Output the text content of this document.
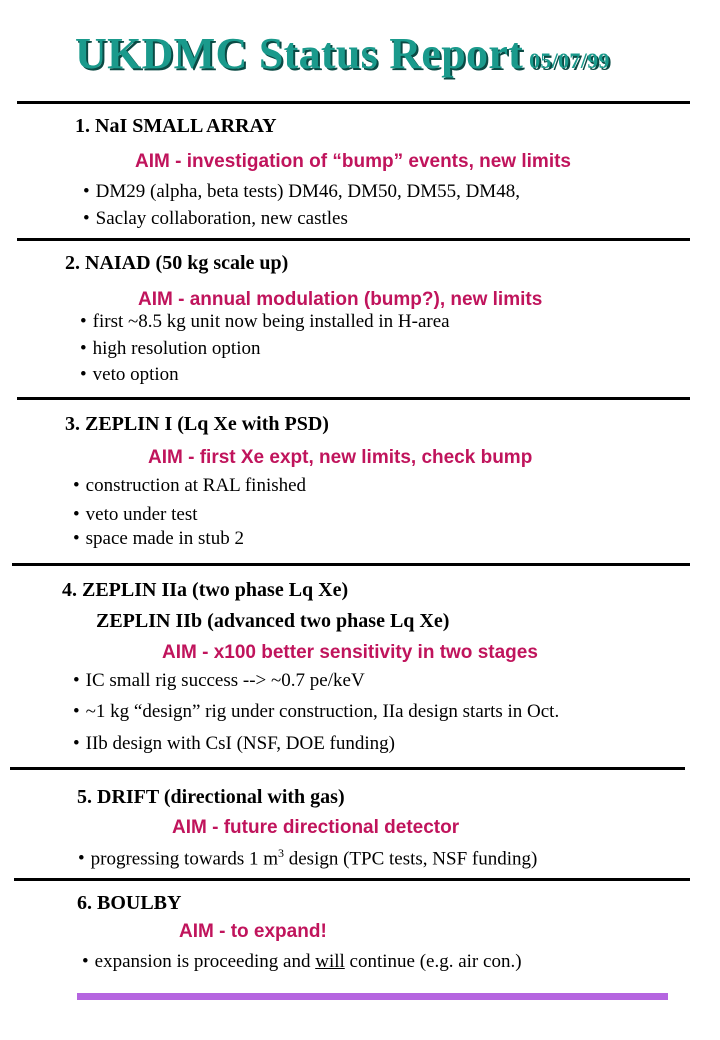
UKDMC Status Report 05/07/99
1. NaI SMALL ARRAY
AIM - investigation of “bump” events, new limits
• DM29 (alpha, beta tests) DM46, DM50, DM55, DM48,
• Saclay collaboration, new castles
2. NAIAD (50 kg scale up)
AIM - annual modulation (bump?), new limits
• first ~8.5 kg unit now being installed in H-area
• high resolution option
• veto option
3. ZEPLIN I (Lq Xe with PSD)
AIM - first Xe expt, new limits, check bump
• construction at RAL finished
• veto under test
• space made in stub 2
4. ZEPLIN IIa (two phase Lq Xe)
ZEPLIN IIb (advanced two phase Lq Xe)
AIM - x100 better sensitivity in two stages
• IC small rig success --> ~0.7 pe/keV
• ~1 kg “design” rig under construction, IIa design starts in Oct.
• IIb design with CsI (NSF, DOE funding)
5. DRIFT (directional with gas)
AIM - future directional detector
• progressing towards 1 $m^3$ design (TPC tests, NSF funding)
6. BOULBY
AIM - to expand!
• expansion is proceeding and will continue (e.g. air con.)
